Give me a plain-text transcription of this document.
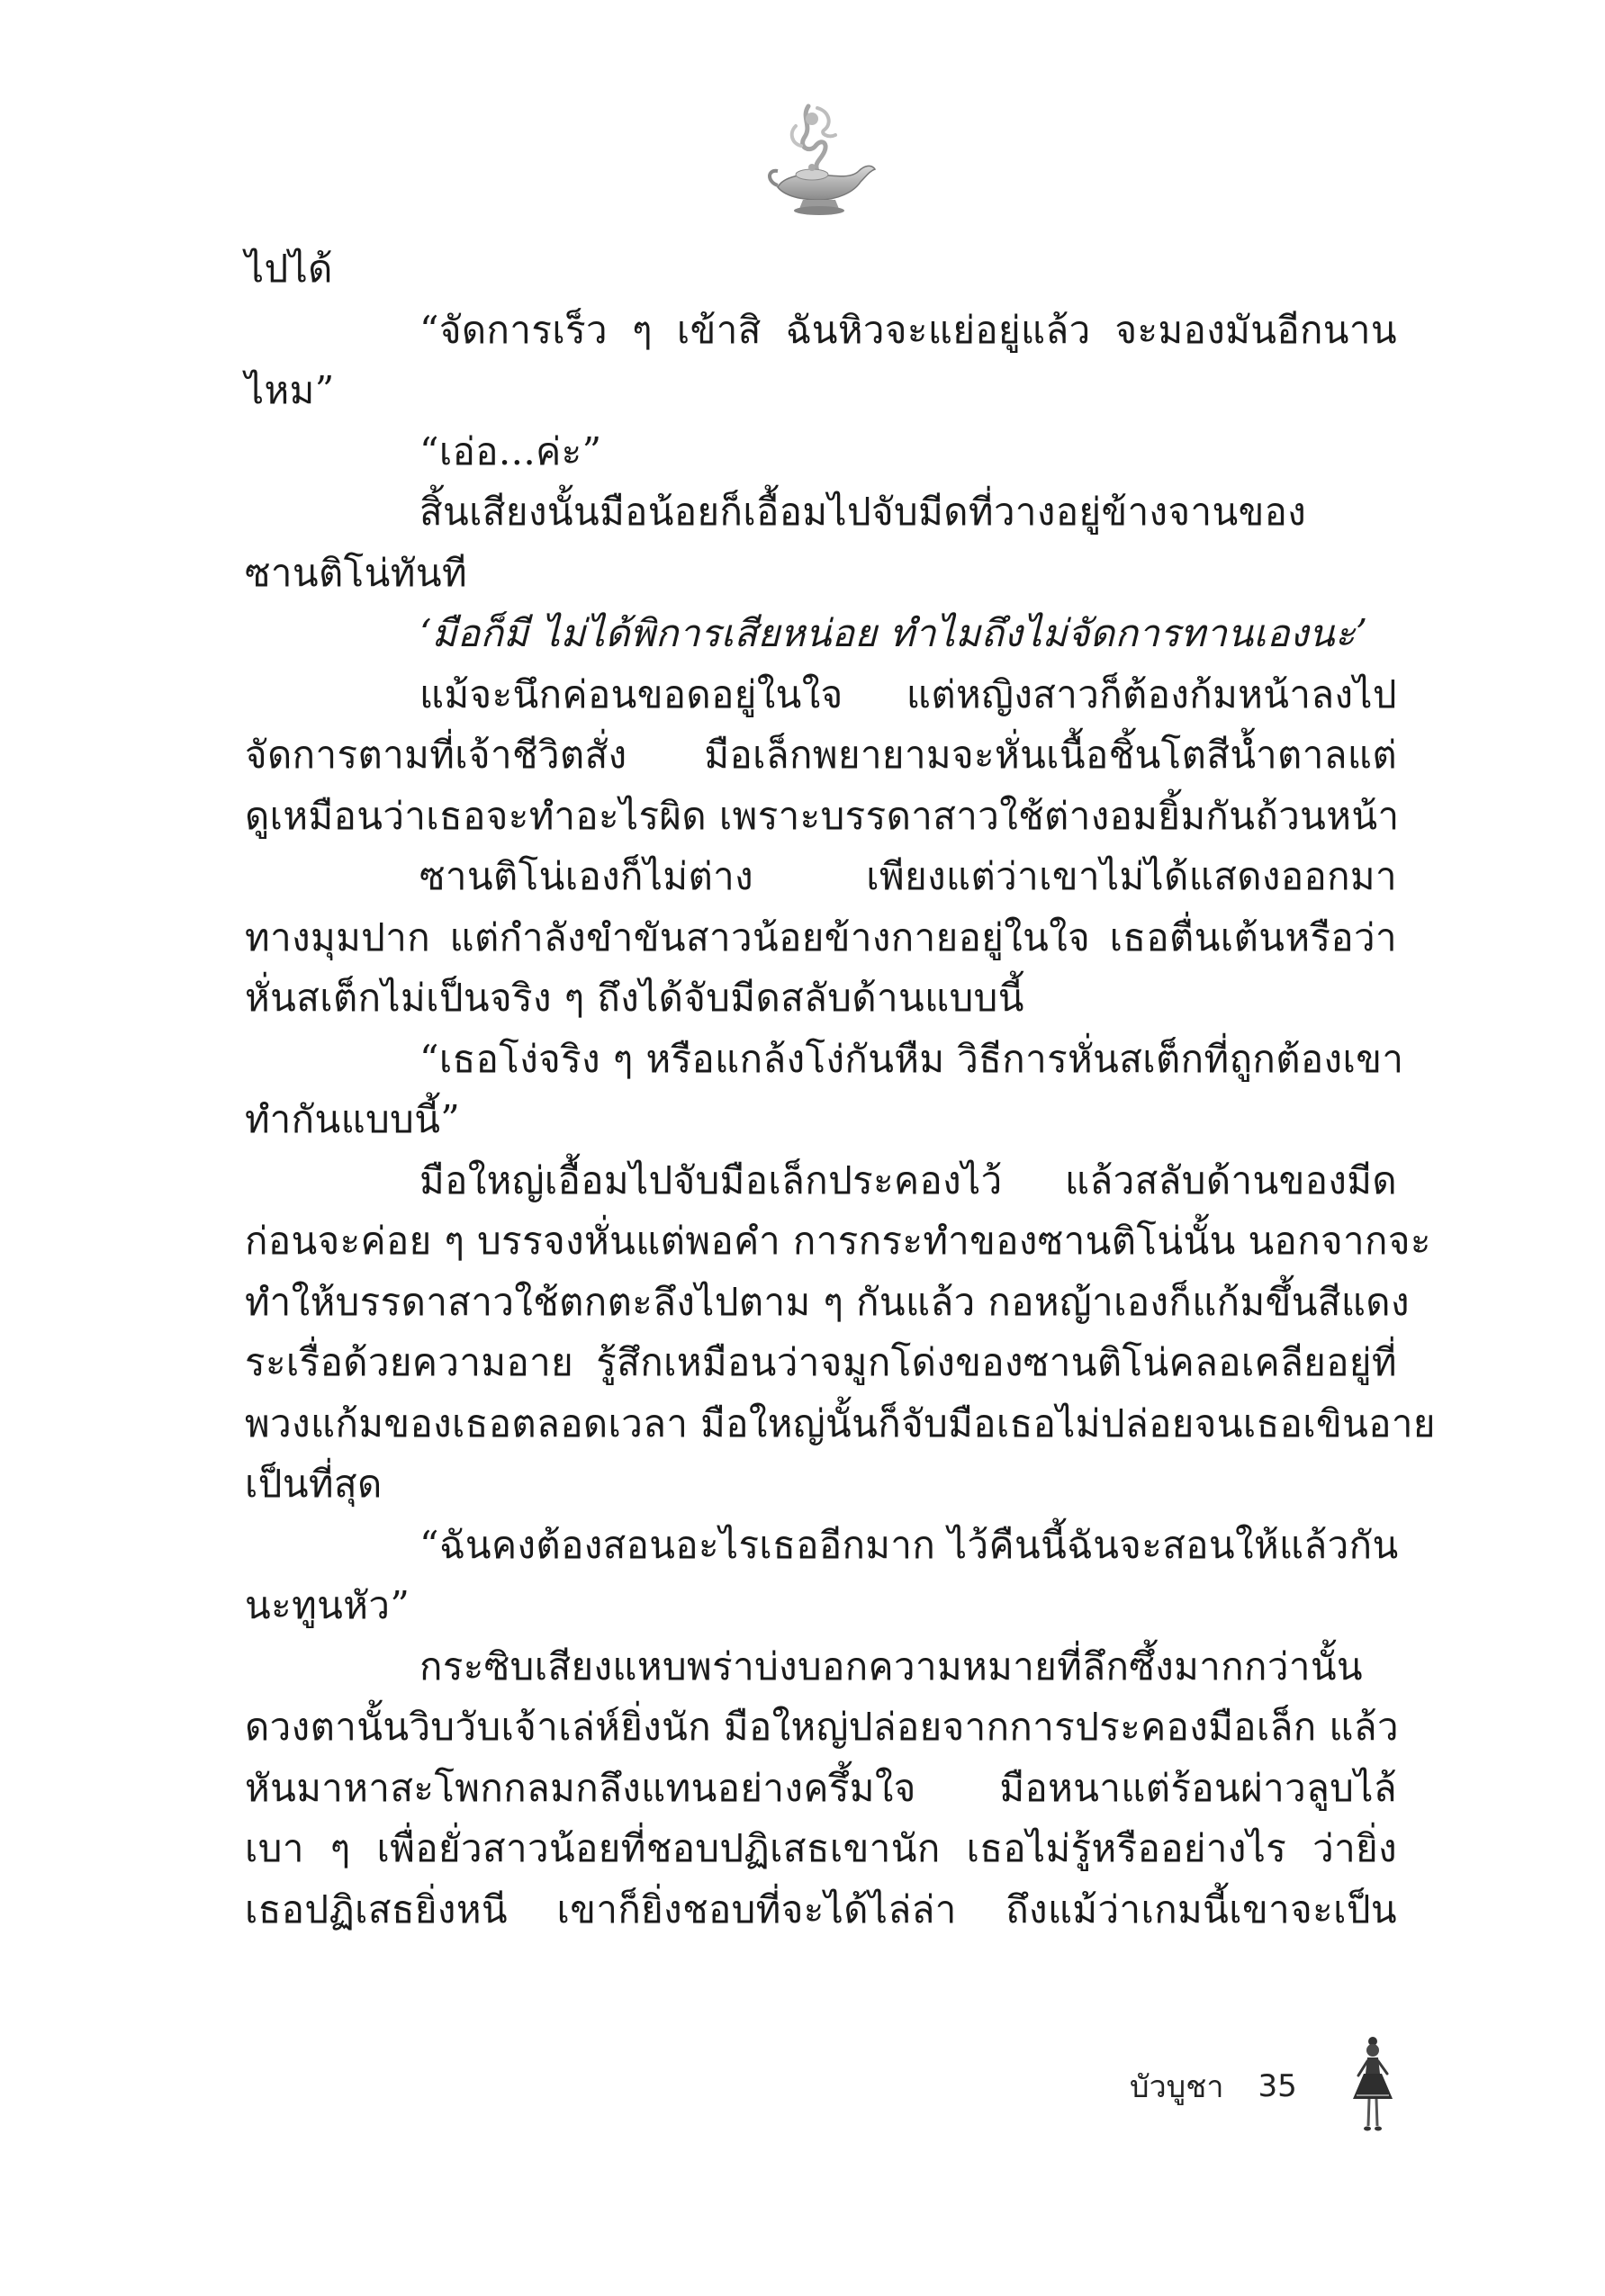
ไปได้
“จัดการเร็ว ๆ เข้าสิ ฉันหิวจะแย่อยู่แล้ว จะมองมันอีกนาน
ไหม”
“เอ่อ...ค่ะ”
สิ้นเสียงนั้นมือน้อยก็เอื้อมไปจับมีดที่วางอยู่ข้างจานของ
ซานติโน่ทันที
‘มือก็มี ไม่ได้พิการเสียหน่อย ทำไมถึงไม่จัดการทานเองนะ’
แม้จะนึกค่อนขอดอยู่ในใจ แต่หญิงสาวก็ต้องก้มหน้าลงไป
จัดการตามที่เจ้าชีวิตสั่ง มือเล็กพยายามจะหั่นเนื้อชิ้นโตสีน้ำตาลแต่
ดูเหมือนว่าเธอจะทำอะไรผิด เพราะบรรดาสาวใช้ต่างอมยิ้มกันถ้วนหน้า
ซานติโน่เองก็ไม่ต่าง เพียงแต่ว่าเขาไม่ได้แสดงออกมา
ทางมุมปาก แต่กำลังขำขันสาวน้อยข้างกายอยู่ในใจ เธอตื่นเต้นหรือว่า
หั่นสเต็กไม่เป็นจริง ๆ ถึงได้จับมีดสลับด้านแบบนี้
“เธอโง่จริง ๆ หรือแกล้งโง่กันหืม วิธีการหั่นสเต็กที่ถูกต้องเขา
ทำกันแบบนี้”
มือใหญ่เอื้อมไปจับมือเล็กประคองไว้ แล้วสลับด้านของมีด
ก่อนจะค่อย ๆ บรรจงหั่นแต่พอคำ การกระทำของซานติโน่นั้น นอกจากจะ
ทำให้บรรดาสาวใช้ตกตะลึงไปตาม ๆ กันแล้ว กอหญ้าเองก็แก้มขึ้นสีแดง
ระเรื่อด้วยความอาย รู้สึกเหมือนว่าจมูกโด่งของซานติโน่คลอเคลียอยู่ที่
พวงแก้มของเธอตลอดเวลา มือใหญ่นั้นก็จับมือเธอไม่ปล่อยจนเธอเขินอาย
เป็นที่สุด
“ฉันคงต้องสอนอะไรเธออีกมาก ไว้คืนนี้ฉันจะสอนให้แล้วกัน
นะทูนหัว”
กระซิบเสียงแหบพร่าบ่งบอกความหมายที่ลึกซึ้งมากกว่านั้น
ดวงตานั้นวิบวับเจ้าเล่ห์ยิ่งนัก มือใหญ่ปล่อยจากการประคองมือเล็ก แล้ว
หันมาหาสะโพกกลมกลึงแทนอย่างครึ้มใจ มือหนาแต่ร้อนผ่าวลูบไล้
เบา ๆ เพื่อยั่วสาวน้อยที่ชอบปฏิเสธเขานัก เธอไม่รู้หรืออย่างไร ว่ายิ่ง
เธอปฏิเสธยิ่งหนี เขาก็ยิ่งชอบที่จะได้ไล่ล่า ถึงแม้ว่าเกมนี้เขาจะเป็น
บัวบูชา 35
